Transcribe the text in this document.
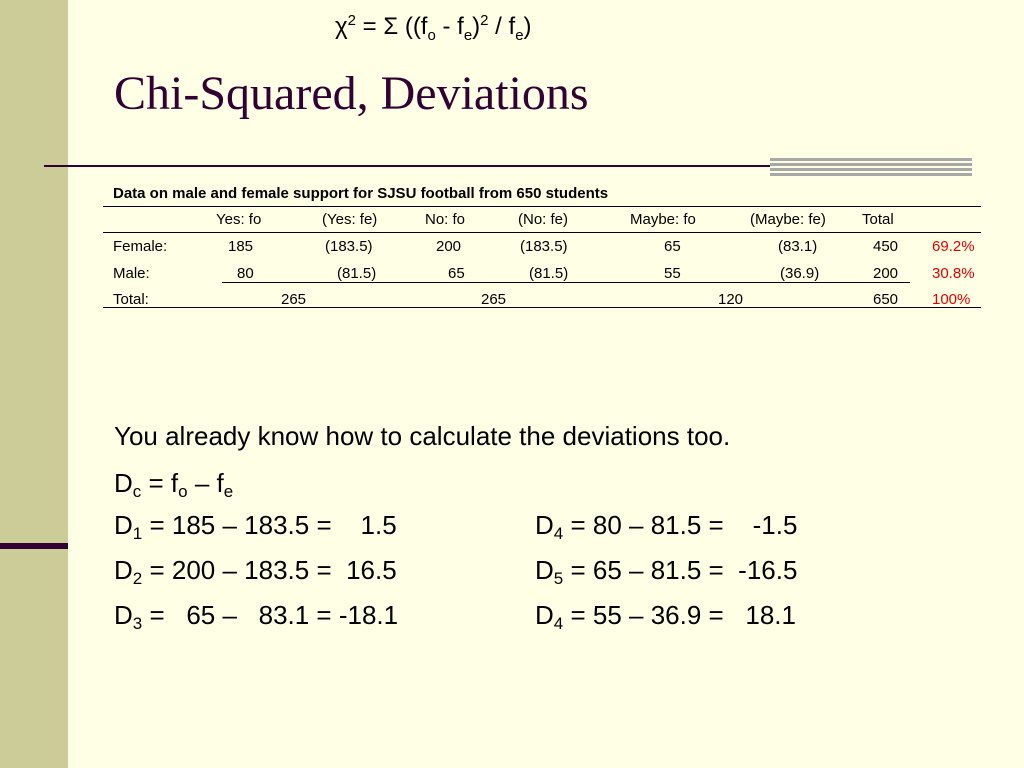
$\chi^2 = \Sigma$ $((f_o - f_e)^2 / f_e)$
Chi-Squared, Deviations
Data on male and female support for SJSU football from 650 students
Yes: fo	(Yes: fe)	No: fo	(No: fe)	Maybe: fo	(Maybe: fe) Total
Female:	185	(183.5)	200	(183.5)	65	(83.1)	450 69.2%
Male:	80	(81.5)	65	(81.5)	55	(36.9)	200 30.8%
Total:	265	265	120	650 100%
You already know how to calculate the deviations too.
$D_c = f_o - f_e$
$D_1 = 185 - 183.5$ =    1.5	$D_4 = 80 - 81.5$ =    -1.5
$D_2 = 200 - 183.5 = 16.5$	$D_5 = 65 - 81.5 = -16.5$
$D_3 = 65 - 83.1 = -18.1$	$D_4 = 55 - 36.9 = 18.1$
